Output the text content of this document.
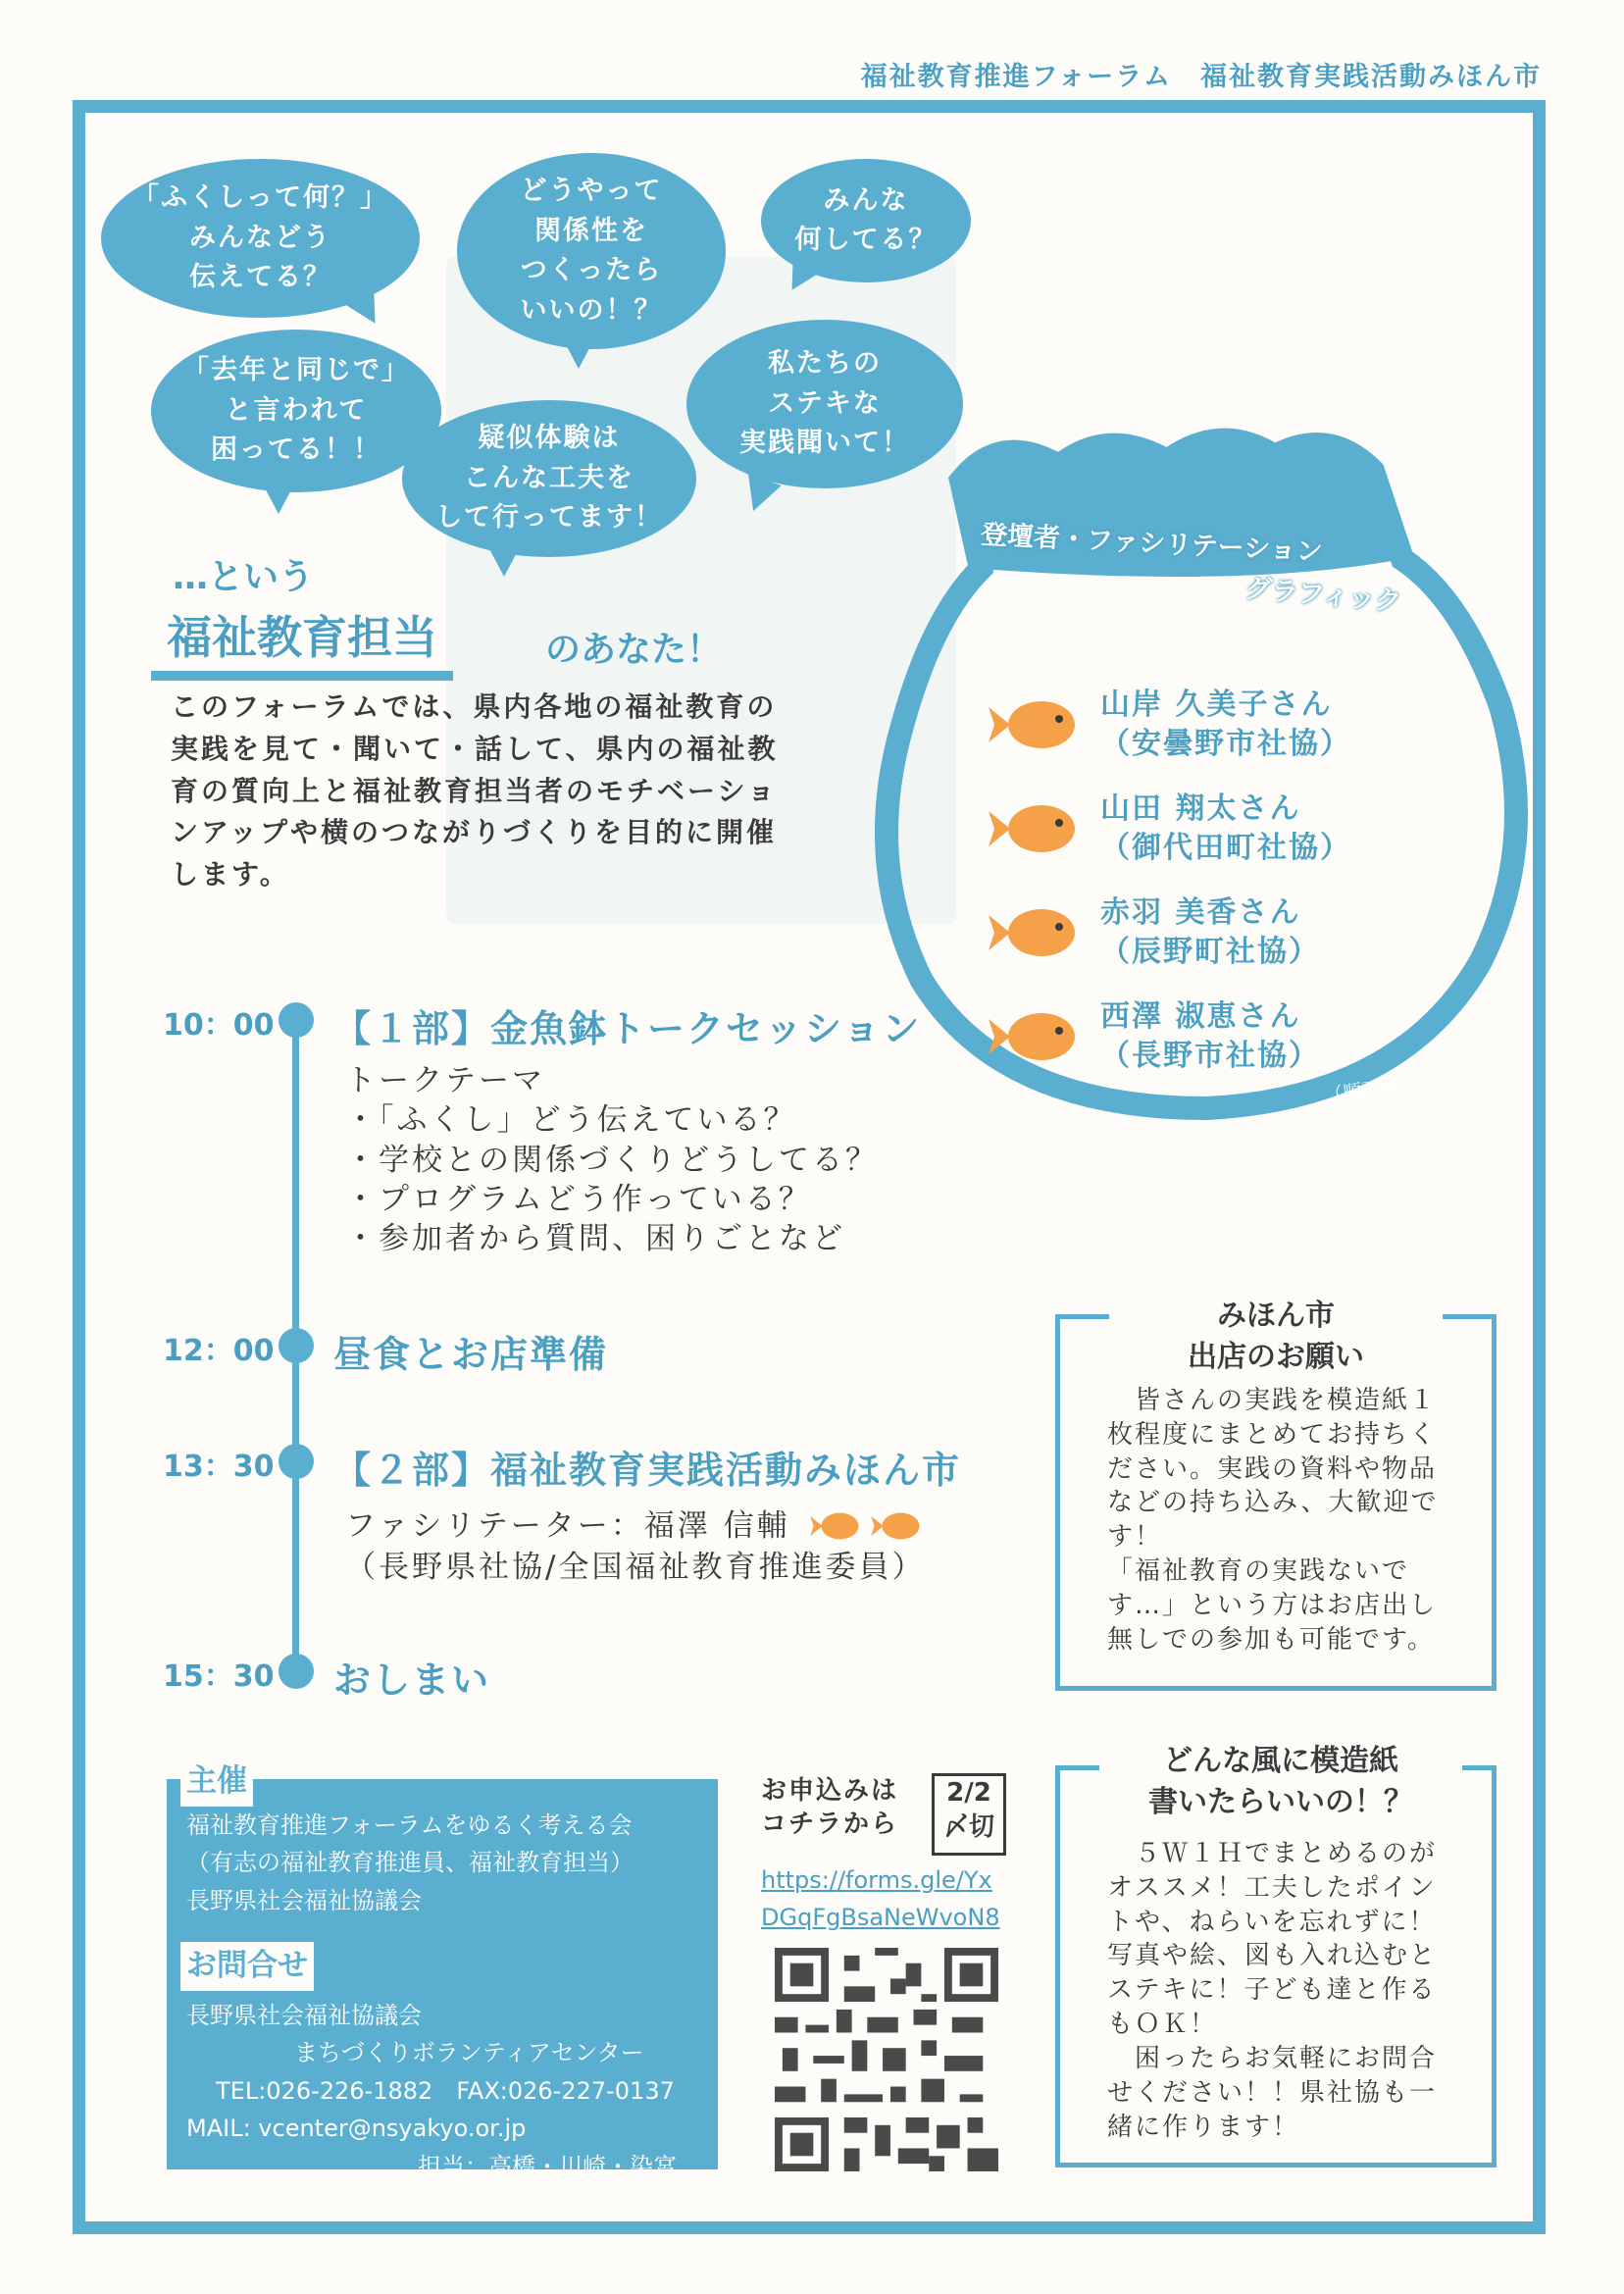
福祉教育推進フォーラム　福祉教育実践活動みほん市
「ふくしって何？」
みんなどう
伝えてる？
どうやって
関係性を
つくったら
いいの！？
みんな
何してる？
「去年と同じで」
と言われて
困ってる！！	疑似体験は
こんな工夫を
して行ってます！
私たちの
ステキな
実践聞いて！
登壇者・ファシリテーション
グラフィック
山岸 久美子さん
（安曇野市社協）
山田 翔太さん
（御代田町社協）
赤羽 美香さん
（辰野町社協）
西澤 淑恵さん
（長野市社協）
（順不同）
…という
福祉教育担当	のあなた！
このフォーラムでは、県内各地の福祉教育の実践を見て・聞いて・話して、県内の福祉教育の質向上と福祉教育担当者のモチベーションアップや横のつながりづくりを目的に開催します。
10：00 【１部】金魚鉢トークセッション
トークテーマ
・「ふくし」どう伝えている？
・学校との関係づくりどうしてる？
・プログラムどう作っている？
・参加者から質問、困りごとなど
12：00 昼食とお店準備
13：30 【２部】福祉教育実践活動みほん市
ファシリテーター：福澤 信輔
（長野県社協/全国福祉教育推進委員）
15：30 おしまい
みほん市
出店のお願い
　皆さんの実践を模造紙１枚程度にまとめてお持ちください。実践の資料や物品などの持ち込み、大歓迎です！
「福祉教育の実践ないです…」という方はお店出し無しでの参加も可能です。
どんな風に模造紙
書いたらいいの！？
　５Ｗ１Ｈでまとめるのがオススメ！工夫したポイントや、ねらいを忘れずに！写真や絵、図も入れ込むとステキに！子ども達と作るもＯＫ！
　困ったらお気軽にお問合せください！！県社協も一緒に作ります！
主催
福祉教育推進フォーラムをゆるく考える会
（有志の福祉教育推進員、福祉教育担当）
長野県社会福祉協議会
お問合せ
長野県社会福祉協議会
まちづくりボランティアセンター
TEL:026-226-1882　FAX:026-227-0137
MAIL: vcenter@nsyakyo.or.jp
担当：高橋・川崎・染宮
お申込みは
コチラから
2/2
〆切
https://forms.gle/Yx
DGqFgBsaNeWvoN8
